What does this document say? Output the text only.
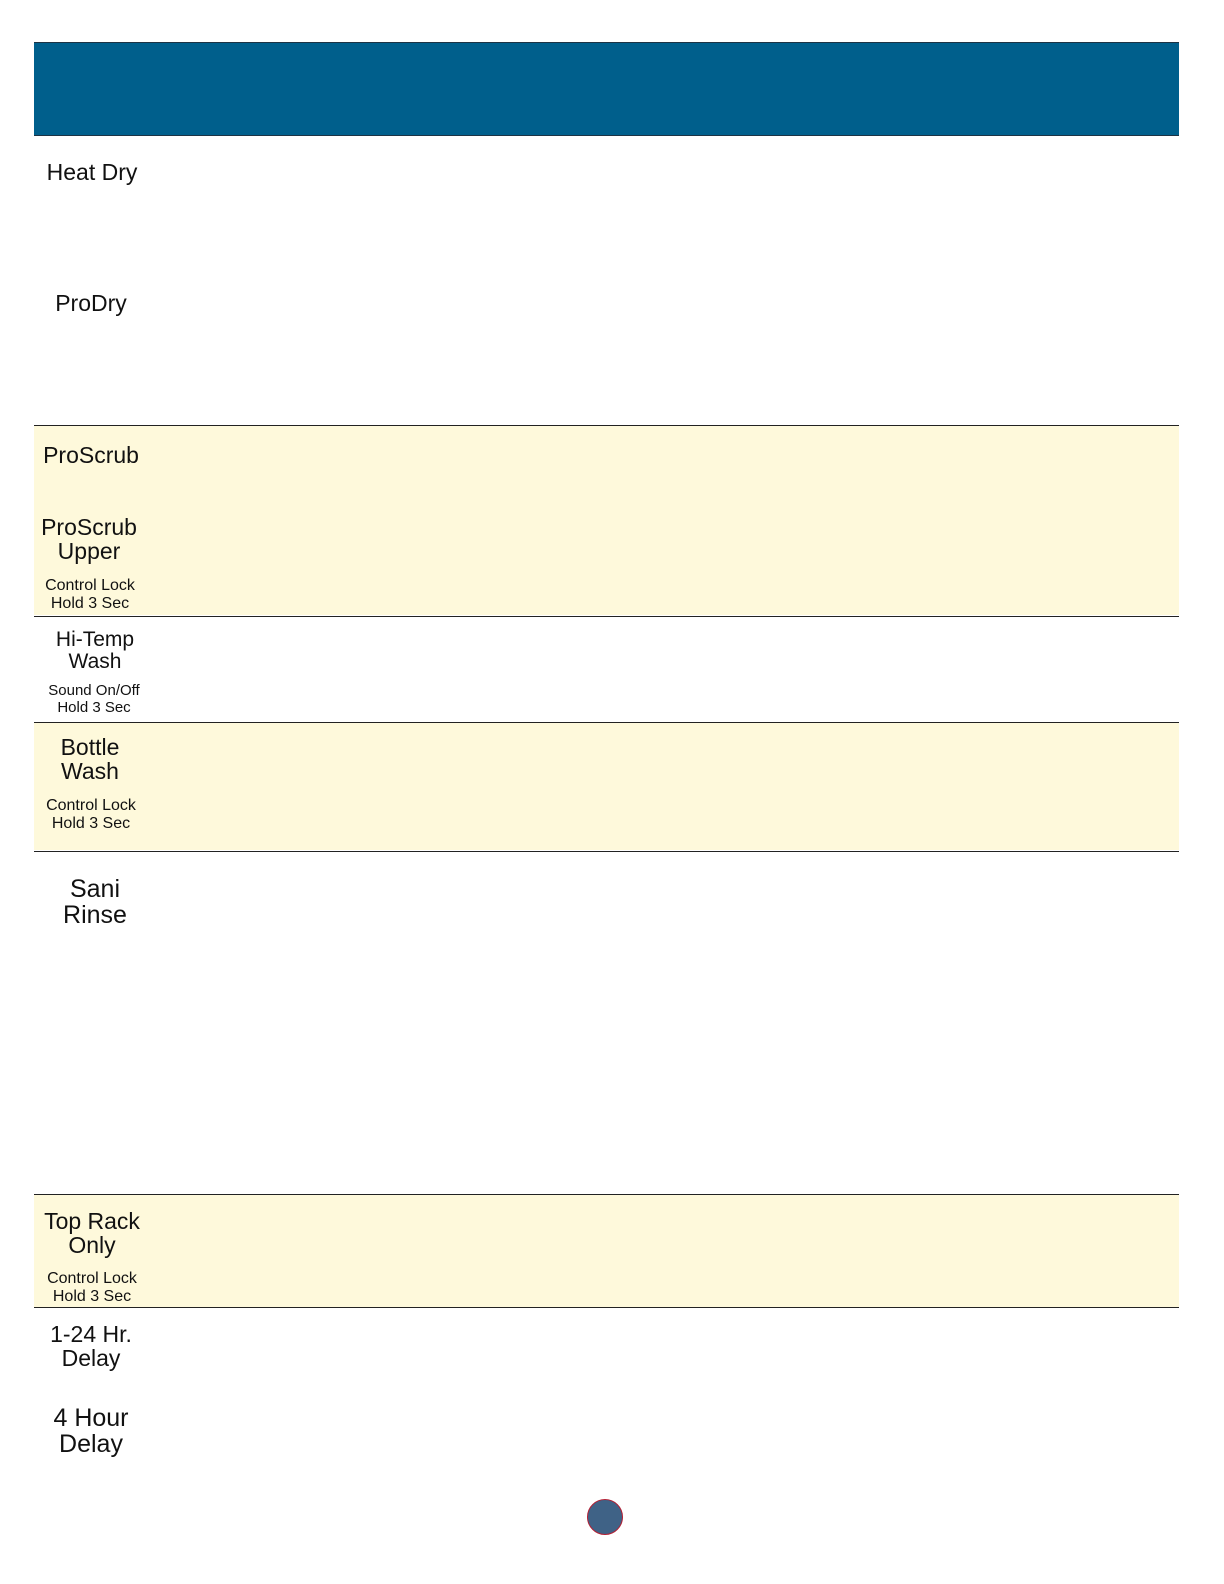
Heat Dry
ProDry
ProScrub
ProScrub
Upper
Control Lock
Hold 3 Sec
Hi-Temp
Wash
Sound On/Off
Hold 3 Sec
Bottle
Wash
Control Lock
Hold 3 Sec
Sani
Rinse
Top Rack
Only
Control Lock
Hold 3 Sec
1-24 Hr.
Delay
4 Hour
Delay
